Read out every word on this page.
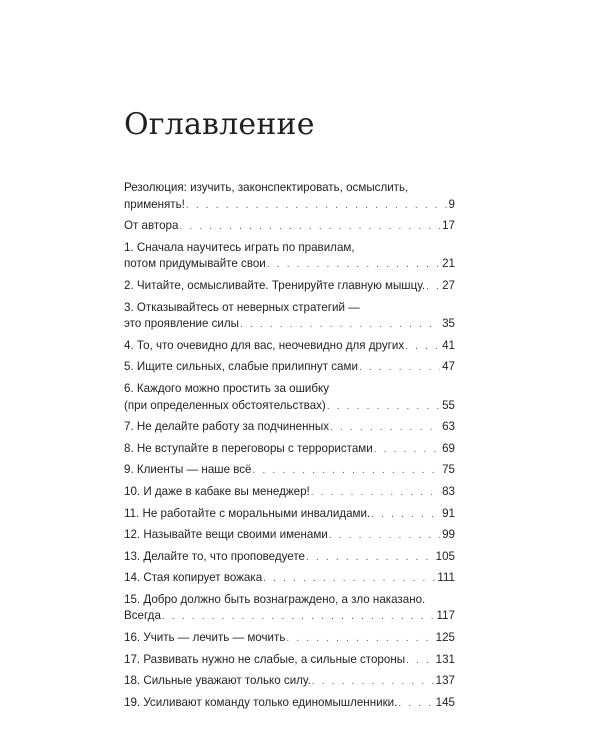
Оглавление
Резолюция: изучить, законспектировать, осмыслить,
применять! . . .	9
От автора . . .	17
1. Сначала научитесь играть по правилам,
потом придумывайте свои . . .	21
2. Читайте, осмысливайте. Тренируйте главную мышцу. . . . 27
3. Отказывайтесь от неверных стратегий —
это проявление силы . . .	35
4. То, что очевидно для вас, неочевидно для других . . .	41
5. Ищите сильных, слабые прилипнут сами . . .	47
6. Каждого можно простить за ошибку
(при определенных обстоятельствах) . . .	55
7. Не делайте работу за подчиненных . . .	63
8. Не вступайте в переговоры с террористами . . .	69
9. Клиенты — наше всё . . .	75
10. И даже в кабаке вы менеджер! . . .	83
11. Не работайте с моральными инвалидами. . . .	91
12. Называйте вещи своими именами . . .	99
13. Делайте то, что проповедуете . . .	105
14. Стая копирует вожака . . .	111
15. Добро должно быть вознаграждено, а зло наказано.
Всегда . . .	117
16. Учить — лечить — мочить . . .	125
17. Развивать нужно не слабые, а сильные стороны . . .	131
18. Сильные уважают только силу. . . .	137
19. Усиливают команду только единомышленники. . . .	145
